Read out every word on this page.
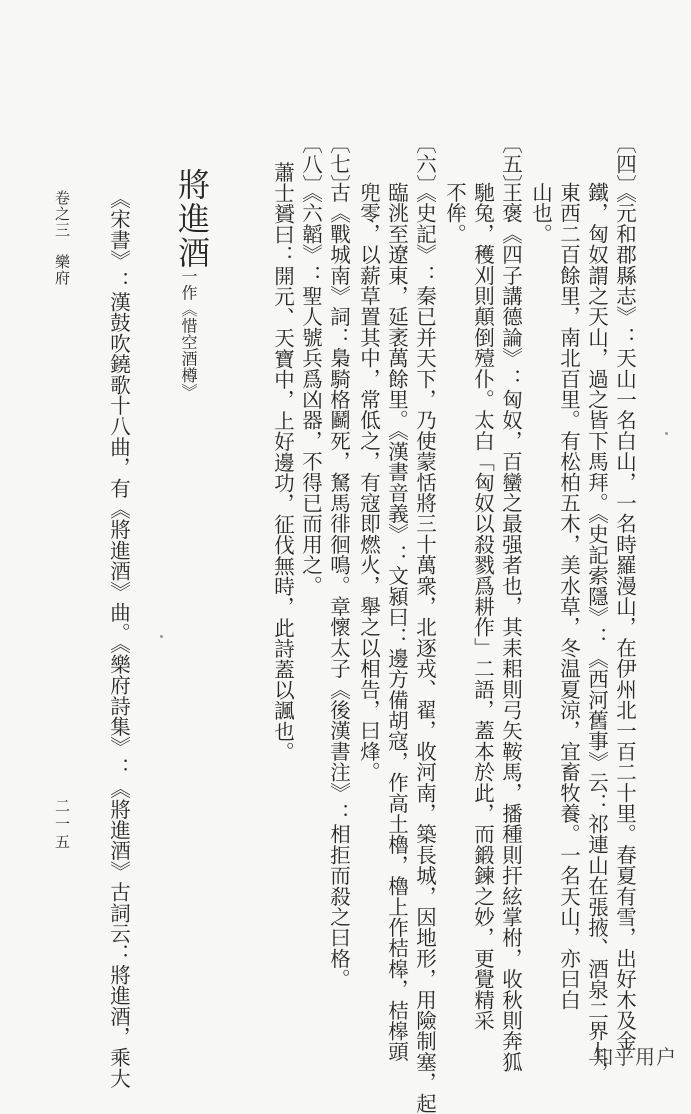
〔四〕
《元和郡縣志》：天山一名白山，一名時羅漫山，在伊州北一百二十里。春夏有雪，出好木及金
鐵，匈奴謂之天山，過之皆下馬拜。《史記索隱》：《西河舊事》云：祁連山在張掖、酒泉二界上，
東西二百餘里，南北百里。有松柏五木，美水草，冬温夏涼，宜畜牧養。一名天山，亦曰白
山也。
〔五〕
王褒《四子講德論》：匈奴，百蠻之最强者也，其耒耜則弓矢鞍馬，播種則扞絃掌柎，收秋則奔狐
馳兔，穫刈則顛倒殪仆。太白「匈奴以殺戮爲耕作」二語，蓋本於此，而鍛鍊之妙，更覺精采
不侔。
〔六〕
《史記》：秦已并天下，乃使蒙恬將三十萬衆，北逐戎、翟，收河南，築長城，因地形，用險制塞，起
臨洮至遼東，延袤萬餘里。《漢書音義》：文潁曰：邊方備胡寇，作高土櫓，櫓上作桔槔，桔槔頭
兜零，以薪草置其中，常低之，有寇即燃火，舉之以相告，曰烽。
〔七〕
古《戰城南》詞：梟騎格鬬死，駑馬徘徊鳴。章懷太子《後漢書注》：相拒而殺之曰格。
〔八〕
《六韜》：聖人號兵爲凶器，不得已而用之。
蕭士贇曰：開元、天寶中，上好邊功，征伐無時，此詩蓋以諷也。
將進酒
一作《惜空酒樽》
《宋書》：漢鼓吹鐃歌十八曲，有《將進酒》曲。《樂府詩集》：《將進酒》古詞云：將進酒，乘大
卷之三　樂府
二一五
知乎用户
